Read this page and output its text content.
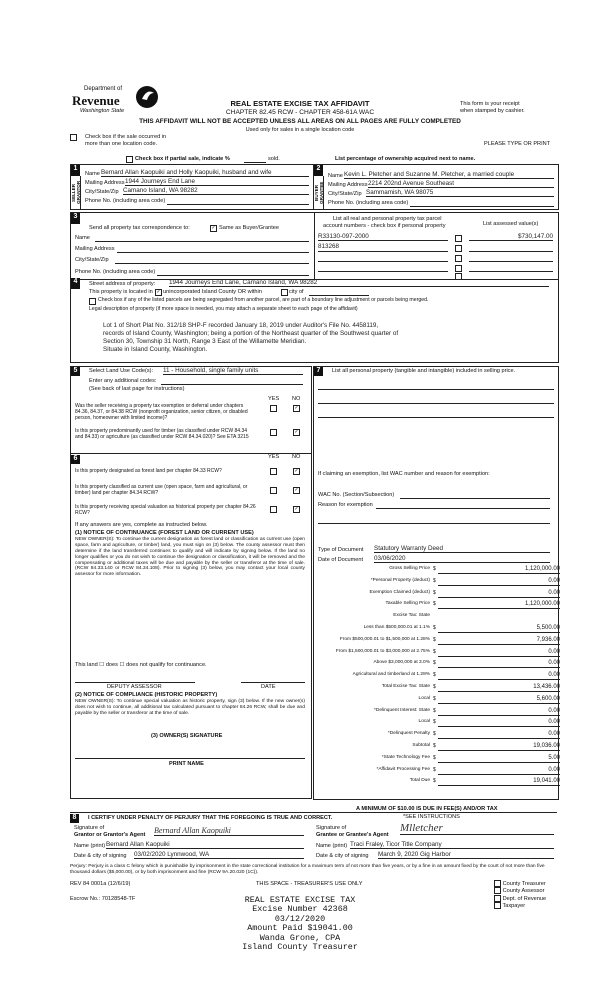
Department of
Revenue
Washington State
REAL ESTATE EXCISE TAX AFFIDAVIT
CHAPTER 82.45 RCW - CHAPTER 458-61A WAC
THIS AFFIDAVIT WILL NOT BE ACCEPTED UNLESS ALL AREAS ON ALL PAGES ARE FULLY COMPLETED
This form is your receipt
when stamped by cashier.
Check box if the sale occurred in
more than one location code.
Used only for sales in a single location code
PLEASE TYPE OR PRINT
Check box if partial sale, indicate %	sold.	List percentage of ownership acquired next to name.
1
SELLER GRANTOR
Name Bernard Allan Kaopuiki and Holly Kaopuiki, husband and wife
Mailing Address 1944 Journeys End Lane
City/State/Zip Camano Island, WA 98282
Phone No. (including area code)
2
BUYER GRANTEE
Name Kevin L. Pletcher and Suzanne M. Pletcher, a married couple
Mailing Address 2214 202nd Avenue Southeast
City/State/Zip Sammamish, WA 98075
Phone No. (including area code)
3
Send all property tax correspondence to:	✓ Same as Buyer/Grantee
Name
Mailing Address
City/State/Zip
Phone No. (including area code)
List all real and personal property tax parcel
account numbers - check box if personal property	List assessed value(s)
R33130-097-2000	$730,147.00
813268
4	Street address of property: 1944 Journeys End Lane, Camano Island, WA 98282
This property is located in ✓ unincorporated Island County OR within	city of
Check box if any of the listed parcels are being segregated from another parcel, are part of a boundary line adjustment or parcels being merged.
Legal description of property (if more space is needed, you may attach a separate sheet to each page of the affidavit)
Lot 1 of Short Plat No. 312/18 SHP-F recorded January 18, 2019 under Auditor's File No. 4458119,
records of Island County, Washington; being a portion of the Northeast quarter of the Southwest quarter of
Section 30, Township 31 North, Range 3 East of the Willamette Meridian.
Situate in Island County, Washington.
5	Select Land Use Code(s): 11 - Household, single family units
Enter any additional codes:
(See back of last page for instructions)
YES NO
Was the seller receiving a property tax exemption or deferral under chapters 84.36, 84.37, or 84.38 RCW (nonprofit organization, senior citizen, or disabled person, homeowner with limited income)?
✓
Is this property predominantly used for timber (as classified under RCW 84.34 and 84.33) or agriculture (as classified under RCW 84.34.020)? See ETA 3215
✓
YES NO
6
Is this property designated as forest land per chapter 84.33 RCW?	✓
Is this property classified as current use (open space, farm and agricultural, or timber) land per chapter 84.34 RCW?	✓
Is this property receiving special valuation as historical property per chapter 84.26 RCW?
✓
If any answers are yes, complete as instructed below.
(1) NOTICE OF CONTINUANCE (FOREST LAND OR CURRENT USE)
NEW OWNER(S): To continue the current designation as forest land or classification as current use (open space, farm and agriculture, or timber) land, you must sign on (3) below. The county assessor must then determine if the land transferred continues to qualify and will indicate by signing below. If the land no longer qualifies or you do not wish to continue the designation or classification, it will be removed and the compensating or additional taxes will be due and payable by the seller or transferor at the time of sale. (RCW 84.33.140 or RCW 84.34.108). Prior to signing (3) below, you may contact your local county assessor for more information.
This land ☐ does ☐ does not qualify for continuance.
DEPUTY ASSESSOR	DATE
(2) NOTICE OF COMPLIANCE (HISTORIC PROPERTY)
NEW OWNER(S): To continue special valuation as historic property, sign (3) below. If the new owner(s) does not wish to continue, all additional tax calculated pursuant to chapter 84.26 RCW, shall be due and payable by the seller or transferor at the time of sale.
(3) OWNER(S) SIGNATURE
PRINT NAME
7	List all personal property (tangible and intangible) included in selling price.
If claiming an exemption, list WAC number and reason for exemption:
WAC No. (Section/Subsection)
Reason for exemption
Type of Document Statutory Warranty Deed
Date of Document 03/06/2020
Gross Selling Price $	1,120,000.00
*Personal Property (deduct) $	0.00
Exemption Claimed (deduct) $	0.00
Taxable Selling Price $	1,120,000.00
Excise Tax: State
Less than $500,000.01 at 1.1% $	5,500.00
From $500,000.01 to $1,500,000 at 1.28% $	7,936.00
From $1,500,000.01 to $3,000,000 at 2.75% $	0.00
Above $3,000,000 at 3.0% $	0.00
Agricultural and timberland at 1.28% $	0.00
Total Excise Tax: State $	13,436.00
Local $	5,600.00
*Delinquent Interest: State $	0.00
Local $	0.00
*Delinquent Penalty $	0.00
Subtotal $	19,036.00
*State Technology Fee $	5.00
*Affidavit Processing Fee $	0.00
Total Due $	19,041.00
A MINIMUM OF $10.00 IS DUE IN FEE(S) AND/OR TAX
*SEE INSTRUCTIONS
8	I CERTIFY UNDER PENALTY OF PERJURY THAT THE FOREGOING IS TRUE AND CORRECT.
Signature of
Grantor or Grantor's Agent Bernard Allan Kaopuiki
Name (print) Bernard Allan Kaopuiki
Date & city of signing 03/02/2020 Lynnwood, WA
Signature of
Grantee or Grantee's Agent
Mlletcher
Name (print) Traci Fraley, Ticor Title Company
Date & city of signing March 9, 2020 Gig Harbor
Perjury: Perjury is a class C felony which is punishable by imprisonment in the state correctional institution for a maximum term of not more than five years, or by a fine in an amount fixed by the court of not more than five thousand dollars ($5,000.00), or by both imprisonment and fine (RCW 9A.20.020 (1C)).
REV 84 0001a (12/6/19)	THIS SPACE - TREASURER'S USE ONLY
Escrow No.: 70128548-TF
County Treasurer
County Assessor
Dept. of Revenue
Taxpayer
REAL ESTATE EXCISE TAX
Excise Number 42368
03/12/2020
Amount Paid $19041.00
Wanda Grone, CPA
Island County Treasurer
